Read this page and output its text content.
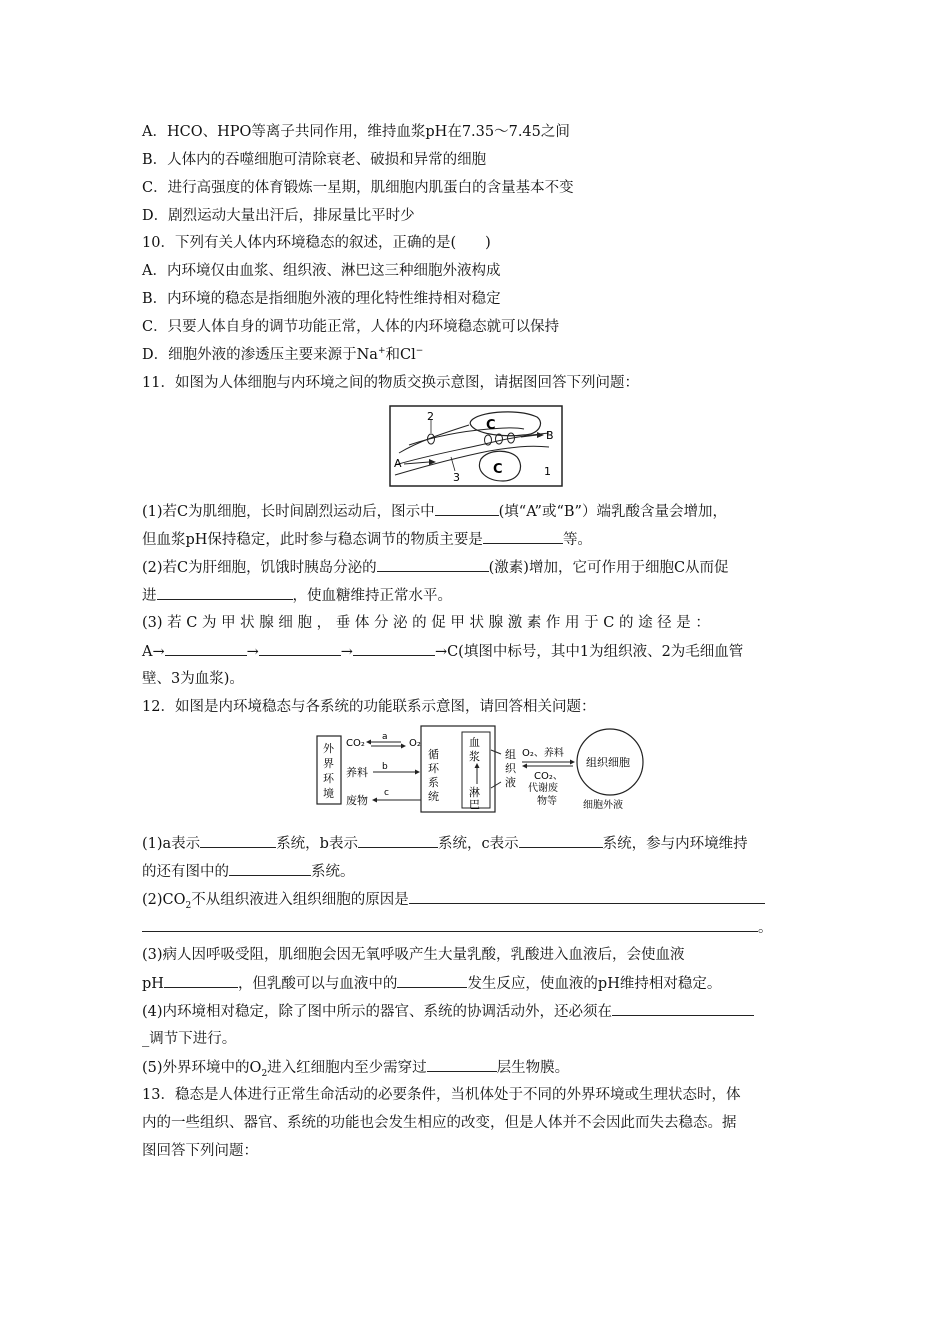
A．HCO、HPO等离子共同作用，维持血浆pH在7.35～7.45之间
B．人体内的吞噬细胞可清除衰老、破损和异常的细胞
C．进行高强度的体育锻炼一星期，肌细胞内肌蛋白的含量基本不变
D．剧烈运动大量出汗后，排尿量比平时少
10．下列有关人体内环境稳态的叙述，正确的是(　　)
A．内环境仅由血浆、组织液、淋巴这三种细胞外液构成
B．内环境的稳态是指细胞外液的理化特性维持相对稳定
C．只要人体自身的调节功能正常，人体的内环境稳态就可以保持
D．细胞外液的渗透压主要来源于Na+和Cl−
11．如图为人体细胞与内环境之间的物质交换示意图，请据图回答下列问题：
2
C
B
A
3
C	1
(1)若C为肌细胞，长时间剧烈运动后，图示中	(填“A”或“B”）端乳酸含量会增加，
但血浆pH保持稳定，此时参与稳态调节的物质主要是	等。
(2)若C为肝细胞，饥饿时胰岛分泌的	(激素)增加，它可作用于细胞C从而促
进	，使血糖维持正常水平。
(3) 若 C 为 甲 状 腺 细 胞 ， 垂 体 分 泌 的 促 甲 状 腺 激 素 作 用 于 C 的 途 径 是 ：
A→	→	→	→C(填图中标号，其中1为组织液、2为毛细血管
壁、3为血浆)。
12．如图是内环境稳态与各系统的功能联系示意图，请回答相关问题：
外
界
环
境
CO₂
a
O₂
养料 b
废物
c
循
环
系
统
血
浆
淋
巴
组
织
液
O₂、养料
CO₂、
代谢废
物等
组织细胞
细胞外液
(1)a表示	系统，b表示	系统，c表示	系统，参与内环境维持
的还有图中的	系统。
$(2)CO_2$不从组织液进入组织细胞的原因是
。
(3)病人因呼吸受阻，肌细胞会因无氧呼吸产生大量乳酸，乳酸进入血液后，会使血液
pH	，但乳酸可以与血液中的	发生反应，使血液的pH维持相对稳定。
(4)内环境相对稳定，除了图中所示的器官、系统的协调活动外，还必须在
_调节下进行。
(5)外界环境中的$O_2$进入红细胞内至少需穿过	层生物膜。
13．稳态是人体进行正常生命活动的必要条件，当机体处于不同的外界环境或生理状态时，体
内的一些组织、器官、系统的功能也会发生相应的改变，但是人体并不会因此而失去稳态。据
图回答下列问题：
